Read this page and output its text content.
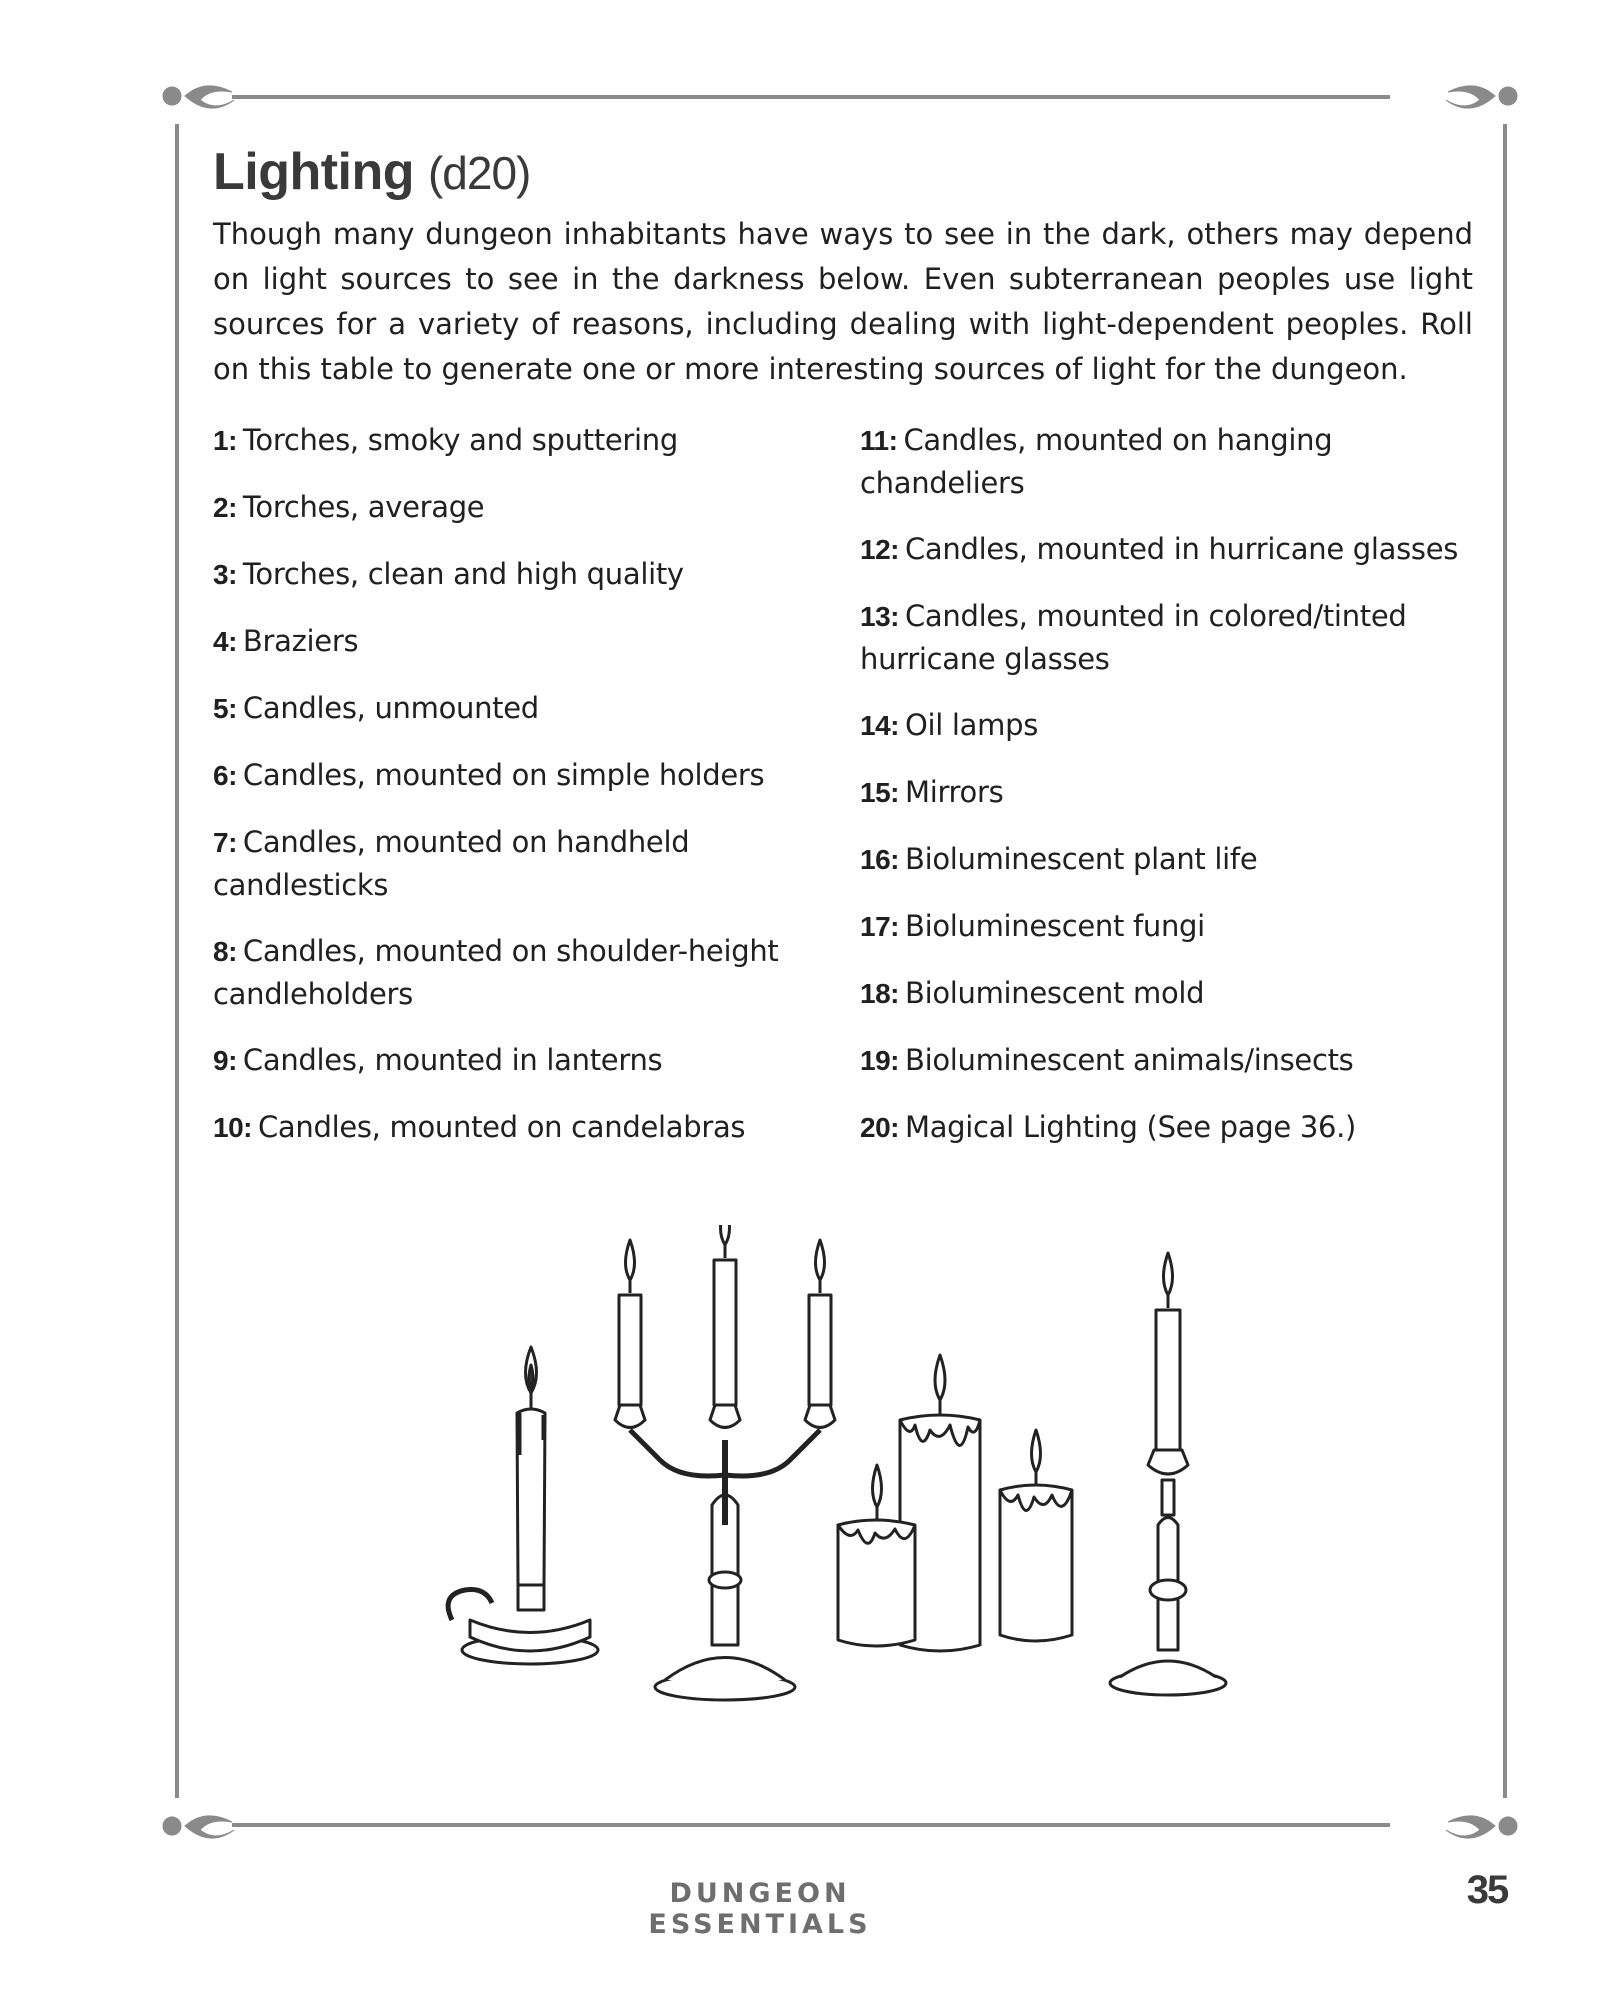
Lighting (d20)

Though many dungeon inhabitants have ways to see in the dark, others may depend on light sources to see in the darkness below. Even subterranean peoples use light sources for a variety of reasons, including dealing with light-dependent peoples. Roll on this table to generate one or more interesting sources of light for the dungeon.

1: Torches, smoky and sputtering
2: Torches, average
3: Torches, clean and high quality
4: Braziers
5: Candles, unmounted
6: Candles, mounted on simple holders
7: Candles, mounted on handheld candlesticks
8: Candles, mounted on shoulder-height candleholders
9: Candles, mounted in lanterns
10: Candles, mounted on candelabras
11: Candles, mounted on hanging chandeliers
12: Candles, mounted in hurricane glasses
13: Candles, mounted in colored/tinted hurricane glasses
14: Oil lamps
15: Mirrors
16: Bioluminescent plant life
17: Bioluminescent fungi
18: Bioluminescent mold
19: Bioluminescent animals/insects
20: Magical Lighting (See page 36.)

DUNGEON ESSENTIALS

35
